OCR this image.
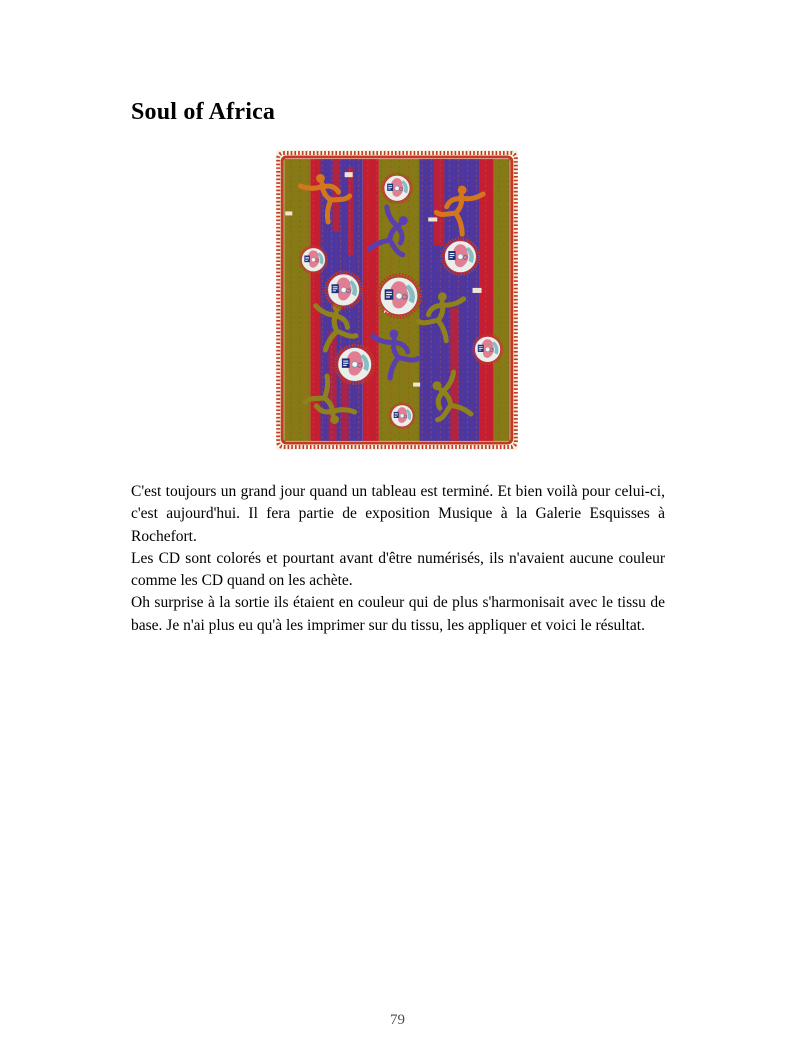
Soul of Africa

C'est toujours un grand jour quand un tableau est terminé. Et bien voilà pour celui-ci, c'est aujourd'hui. Il fera partie de exposition Musique à la Galerie Esquisses à Rochefort.

Les CD sont colorés et pourtant avant d'être numérisés, ils n'avaient aucune couleur comme les CD quand on les achète.

Oh surprise à la sortie ils étaient en couleur qui de plus s'harmonisait avec le tissu de base. Je n'ai plus eu qu'à les imprimer sur du tissu, les appliquer et voici le résultat.

79
